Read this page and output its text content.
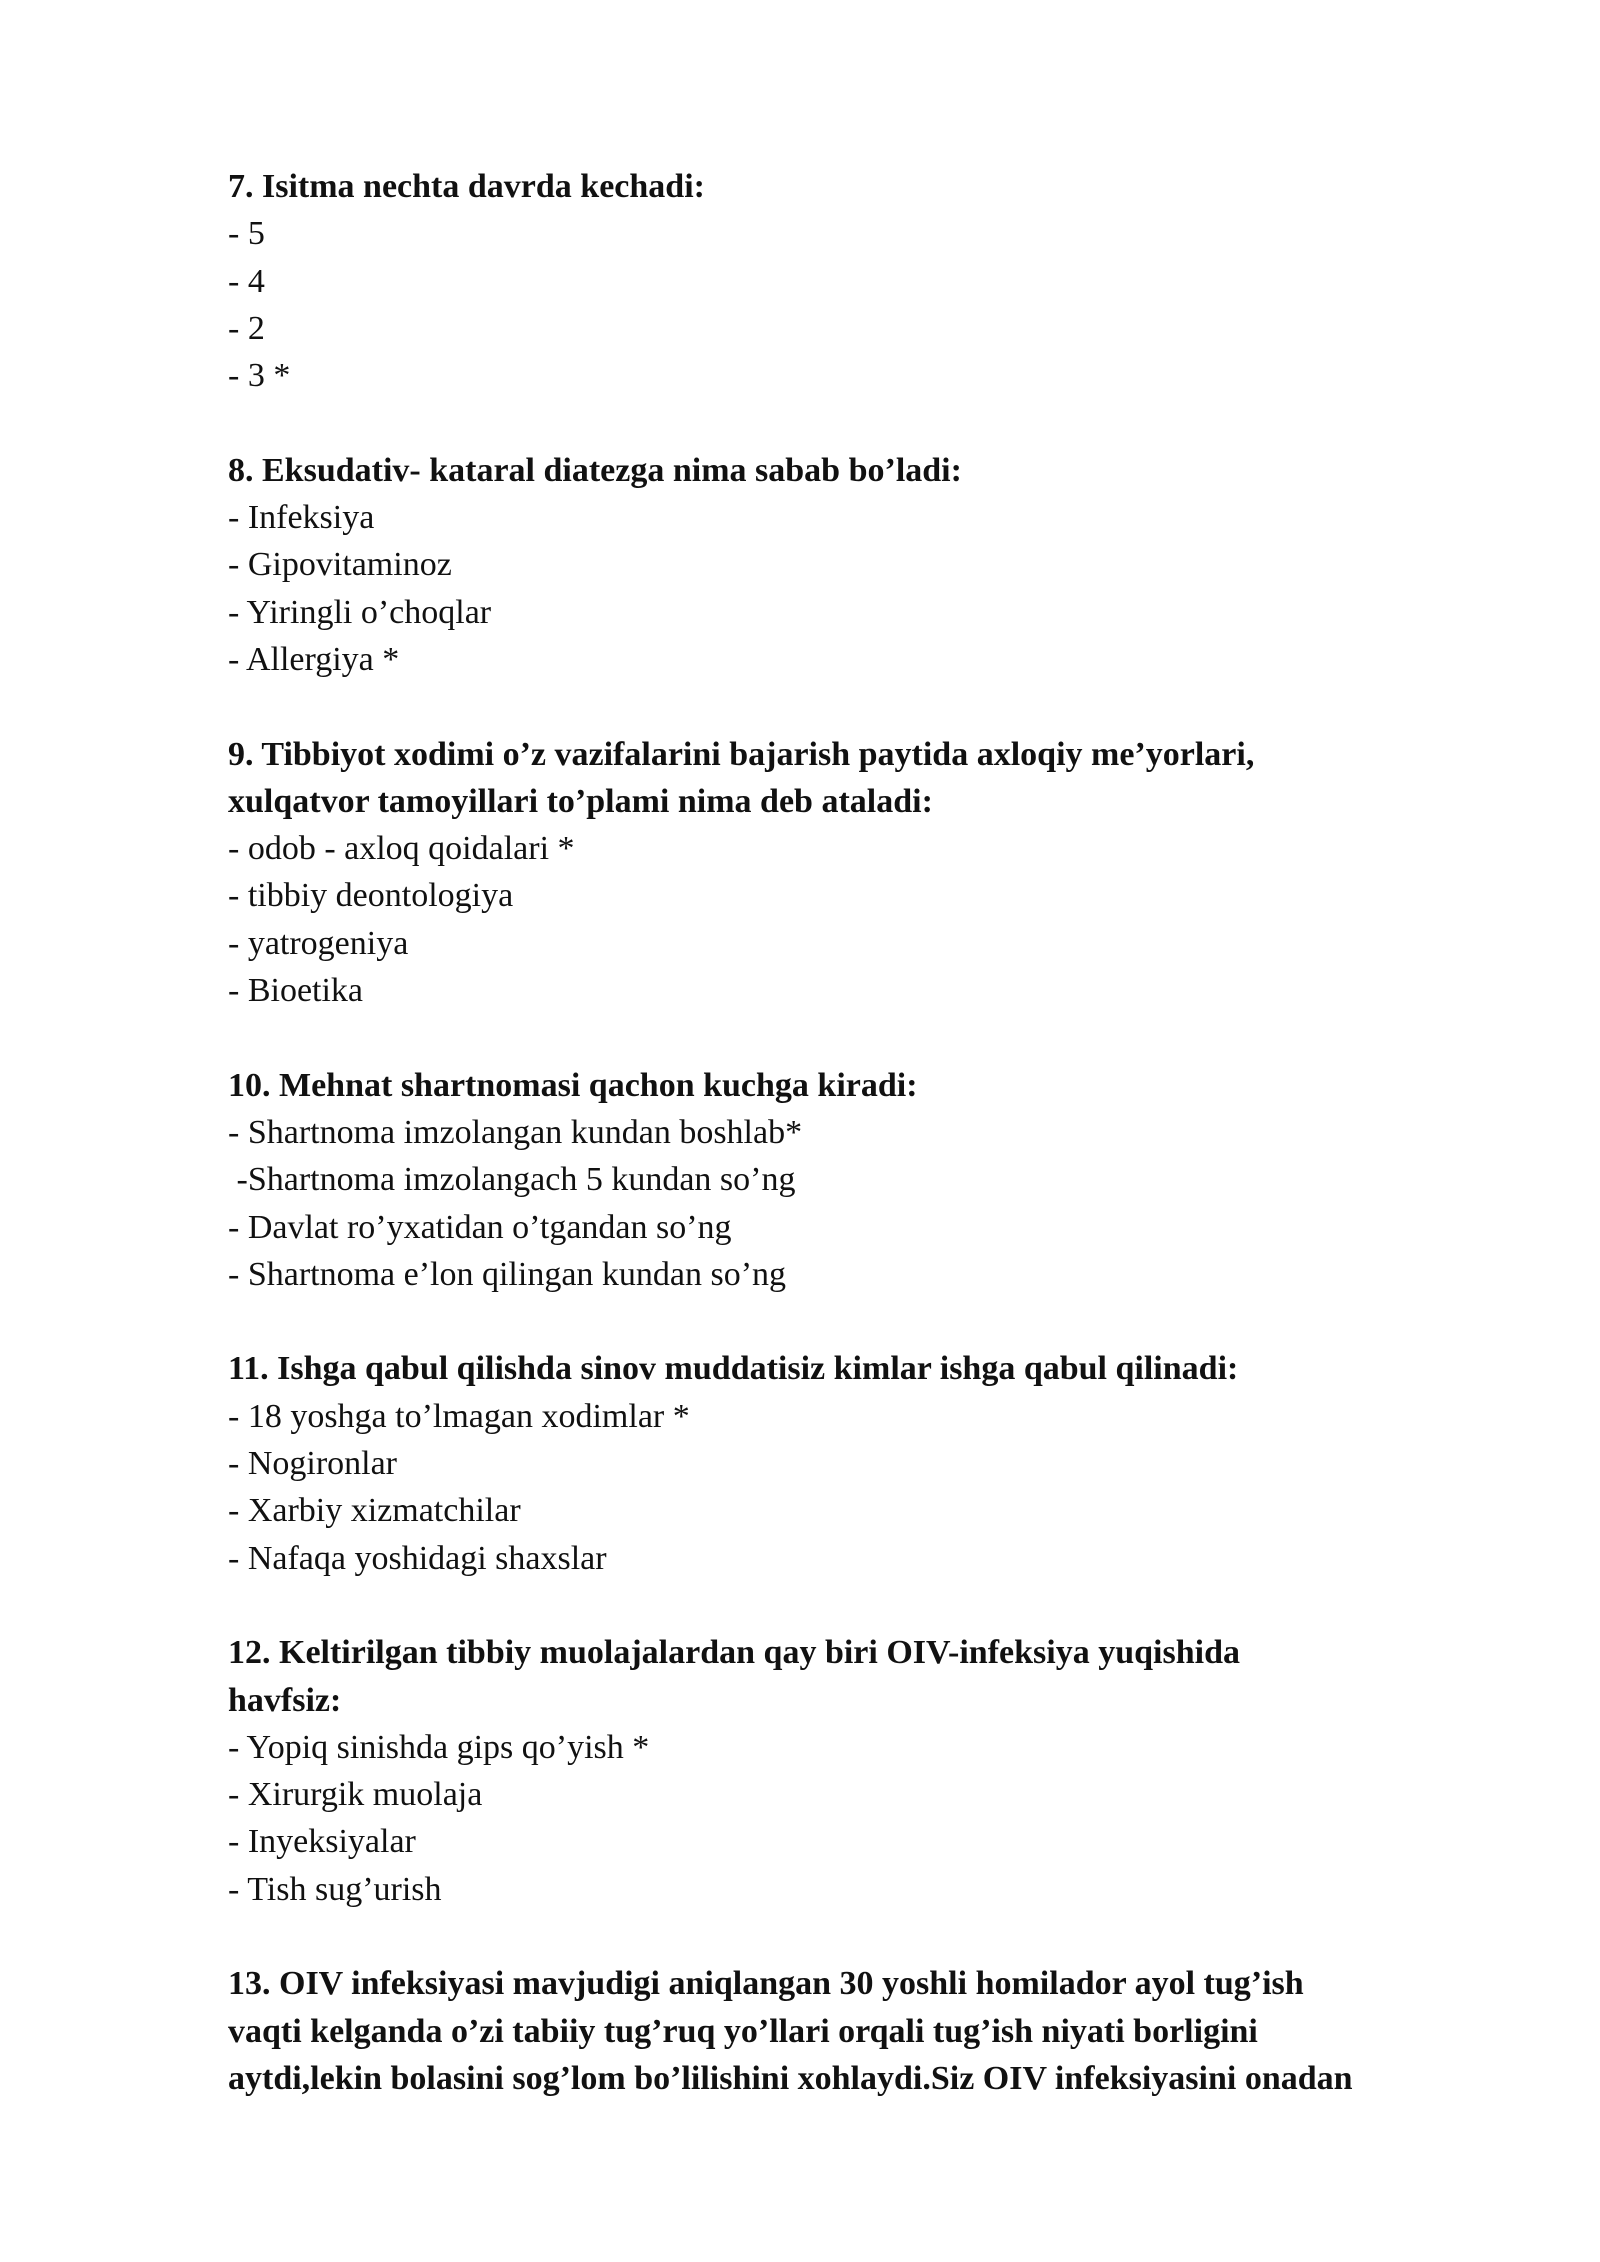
7. Isitma nechta davrda kechadi:
- 5
- 4
- 2
- 3 *
8. Eksudativ- kataral diatezga nima sabab bo’ladi:
- Infeksiya
- Gipovitaminoz
- Yiringli o’choqlar
- Allergiya *
9. Tibbiyot xodimi o’z vazifalarini bajarish paytida axloqiy me’yorlari,
xulqatvor tamoyillari to’plami nima deb ataladi:
- odob - axloq qoidalari *
- tibbiy deontologiya
- yatrogeniya
- Bioetika
10. Mehnat shartnomasi qachon kuchga kiradi:
- Shartnoma imzolangan kundan boshlab*
-Shartnoma imzolangach 5 kundan so’ng
- Davlat ro’yxatidan o’tgandan so’ng
- Shartnoma e’lon qilingan kundan so’ng
11. Ishga qabul qilishda sinov muddatisiz kimlar ishga qabul qilinadi:
- 18 yoshga to’lmagan xodimlar *
- Nogironlar
- Xarbiy xizmatchilar
- Nafaqa yoshidagi shaxslar
12. Keltirilgan tibbiy muolajalardan qay biri OIV-infeksiya yuqishida
havfsiz:
- Yopiq sinishda gips qo’yish *
- Xirurgik muolaja
- Inyeksiyalar
- Tish sug’urish
13. OIV infeksiyasi mavjudigi aniqlangan 30 yoshli homilador ayol tug’ish
vaqti kelganda o’zi tabiiy tug’ruq yo’llari orqali tug’ish niyati borligini
aytdi,lekin bolasini sog’lom bo’lilishini xohlaydi.Siz OIV infeksiyasini onadan
